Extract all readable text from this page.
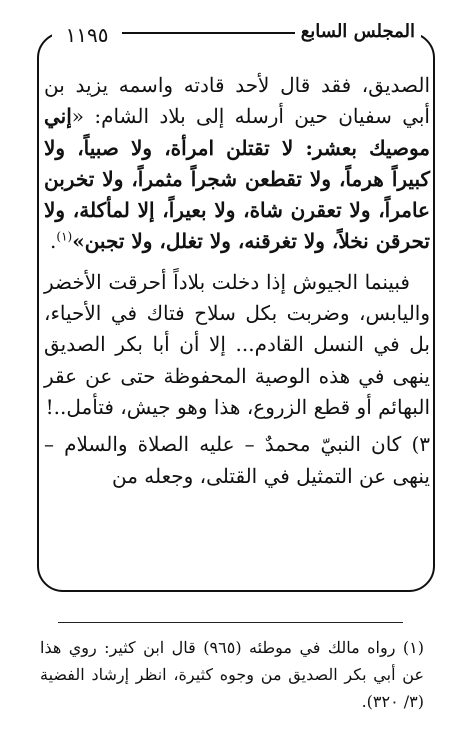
١١٩٥	المجلس السابع

الصديق، فقد قال لأحد قادته واسمه يزيد بن أبي سفيان حين أرسله إلى بلاد الشام: «إني موصيك بعشر: لا تقتلن امرأة، ولا صبياً، ولا كبيراً هرماً، ولا تقطعن شجراً مثمراً، ولا تخربن عامراً، ولا تعقرن شاة، ولا بعيراً، إلا لمأكلة، ولا تحرقن نخلاً، ولا تغرقنه، ولا تغلل، ولا تجبن»$^{(١)}$.

فبينما الجيوش إذا دخلت بلاداً أحرقت الأخضر واليابس، وضربت بكل سلاح فتاك في الأحياء، بل في النسل القادم... إلا أن أبا بكر الصديق ينهى في هذه الوصية المحفوظة حتى عن عقر البهائم أو قطع الزروع، هذا وهو جيش، فتأمل..!

٣) كان النبيّ محمدٌ – عليه الصلاة والسلام – ينهى عن التمثيل في القتلى، وجعله من

(١) رواه مالك في موطئه (٩٦٥) قال ابن كثير: روي هذا عن أبي بكر الصديق من وجوه كثيرة، انظر إرشاد الفضية (٣/ ٣٢٠).
